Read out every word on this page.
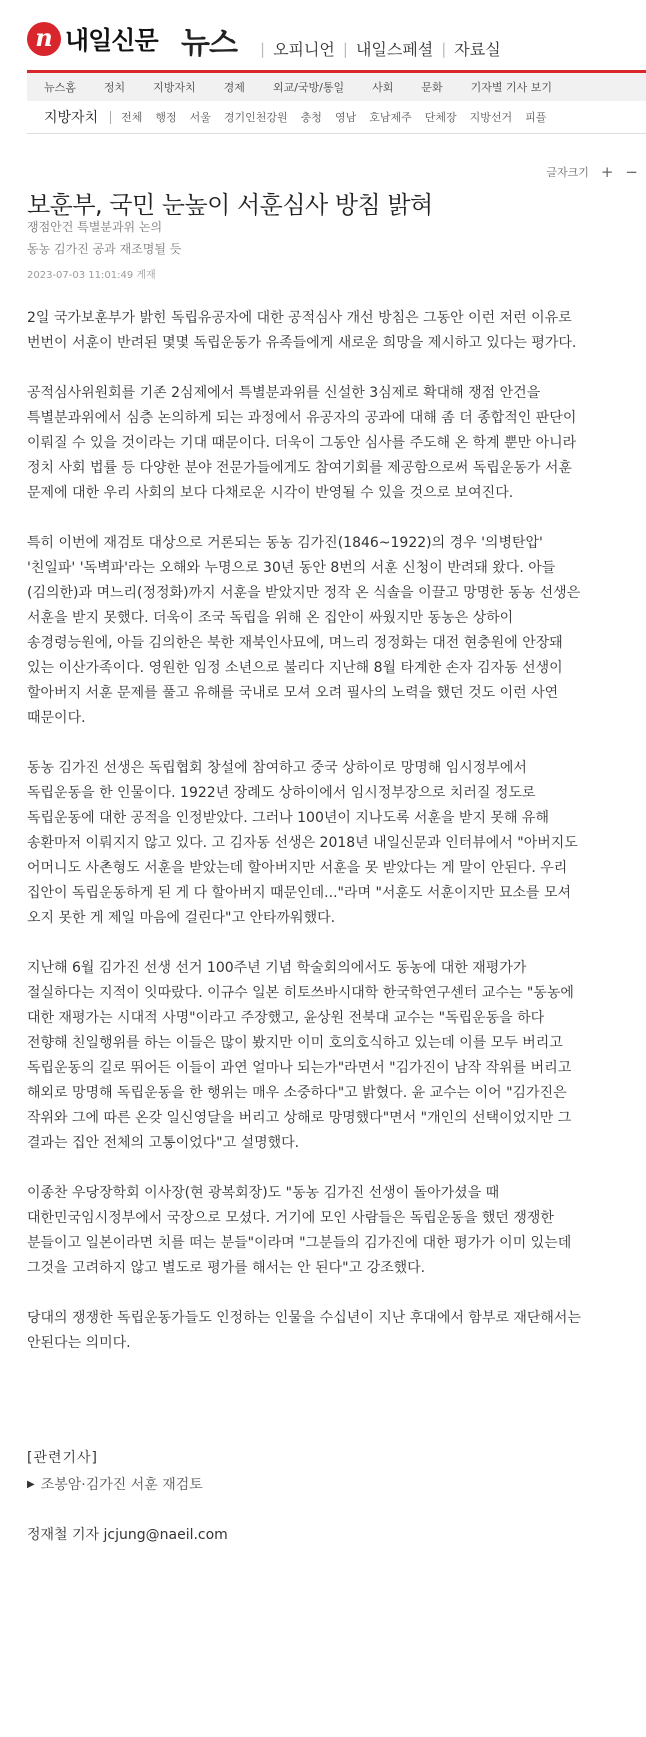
n 내일신문 뉴스 | 오피니언 | 내일스페셜 | 자료실
뉴스홈	정치	지방자치	경제	외교/국방/통일	사회	문화	기자별 기사 보기
지방자치 전체 행정 서울 경기인천강원 충청 영남 호남제주 단체장 지방선거 피플
글자크기 + −
보훈부, 국민 눈높이 서훈심사 방침 밝혀
쟁점안건 특별분과위 논의
동농 김가진 공과 재조명될 듯
2023-07-03 11:01:49 게재

2일 국가보훈부가 밝힌 독립유공자에 대한 공적심사 개선 방침은 그동안 이런 저런 이유로 번번이 서훈이 반려된 몇몇 독립운동가 유족들에게 새로운 희망을 제시하고 있다는 평가다.

공적심사위원회를 기존 2심제에서 특별분과위를 신설한 3심제로 확대해 쟁점 안건을 특별분과위에서 심층 논의하게 되는 과정에서 유공자의 공과에 대해 좀 더 종합적인 판단이 이뤄질 수 있을 것이라는 기대 때문이다. 더욱이 그동안 심사를 주도해 온 학계 뿐만 아니라 정치 사회 법률 등 다양한 분야 전문가들에게도 참여기회를 제공함으로써 독립운동가 서훈 문제에 대한 우리 사회의 보다 다채로운 시각이 반영될 수 있을 것으로 보여진다.

특히 이번에 재검토 대상으로 거론되는 동농 김가진(1846~1922)의 경우 '의병탄압' '친일파' '독벽파'라는 오해와 누명으로 30년 동안 8번의 서훈 신청이 반려돼 왔다. 아들(김의한)과 며느리(정정화)까지 서훈을 받았지만 정작 온 식솔을 이끌고 망명한 동농 선생은 서훈을 받지 못했다. 더욱이 조국 독립을 위해 온 집안이 싸웠지만 동농은 상하이 송경령능원에, 아들 김의한은 북한 재북인사묘에, 며느리 정정화는 대전 현충원에 안장돼 있는 이산가족이다. 영원한 임정 소년으로 불리다 지난해 8월 타계한 손자 김자동 선생이 할아버지 서훈 문제를 풀고 유해를 국내로 모셔 오려 필사의 노력을 했던 것도 이런 사연 때문이다.

동농 김가진 선생은 독립협회 창설에 참여하고 중국 상하이로 망명해 임시정부에서 독립운동을 한 인물이다. 1922년 장례도 상하이에서 임시정부장으로 치러질 정도로 독립운동에 대한 공적을 인정받았다. 그러나 100년이 지나도록 서훈을 받지 못해 유해 송환마저 이뤄지지 않고 있다. 고 김자동 선생은 2018년 내일신문과 인터뷰에서 "아버지도 어머니도 사촌형도 서훈을 받았는데 할아버지만 서훈을 못 받았다는 게 말이 안된다. 우리 집안이 독립운동하게 된 게 다 할아버지 때문인데..."라며 "서훈도 서훈이지만 묘소를 모셔 오지 못한 게 제일 마음에 걸린다"고 안타까워했다.

지난해 6월 김가진 선생 선거 100주년 기념 학술회의에서도 동농에 대한 재평가가 절실하다는 지적이 잇따랐다. 이규수 일본 히토쓰바시대학 한국학연구센터 교수는 "동농에 대한 재평가는 시대적 사명"이라고 주장했고, 윤상원 전북대 교수는 "독립운동을 하다 전향해 친일행위를 하는 이들은 많이 봤지만 이미 호의호식하고 있는데 이를 모두 버리고 독립운동의 길로 뛰어든 이들이 과연 얼마나 되는가"라면서 "김가진이 남작 작위를 버리고 해외로 망명해 독립운동을 한 행위는 매우 소중하다"고 밝혔다. 윤 교수는 이어 "김가진은 작위와 그에 따른 온갖 일신영달을 버리고 상해로 망명했다"면서 "개인의 선택이었지만 그 결과는 집안 전체의 고통이었다"고 설명했다.

이종찬 우당장학회 이사장(현 광복회장)도 "동농 김가진 선생이 돌아가셨을 때 대한민국임시정부에서 국장으로 모셨다. 거기에 모인 사람들은 독립운동을 했던 쟁쟁한 분들이고 일본이라면 치를 떠는 분들"이라며 "그분들의 김가진에 대한 평가가 이미 있는데 그것을 고려하지 않고 별도로 평가를 해서는 안 된다"고 강조했다.

당대의 쟁쟁한 독립운동가들도 인정하는 인물을 수십년이 지난 후대에서 함부로 재단해서는 안된다는 의미다.

[관련기사]
▶ 조봉암·김가진 서훈 재검토
정재철 기자 jcjung@naeil.com
